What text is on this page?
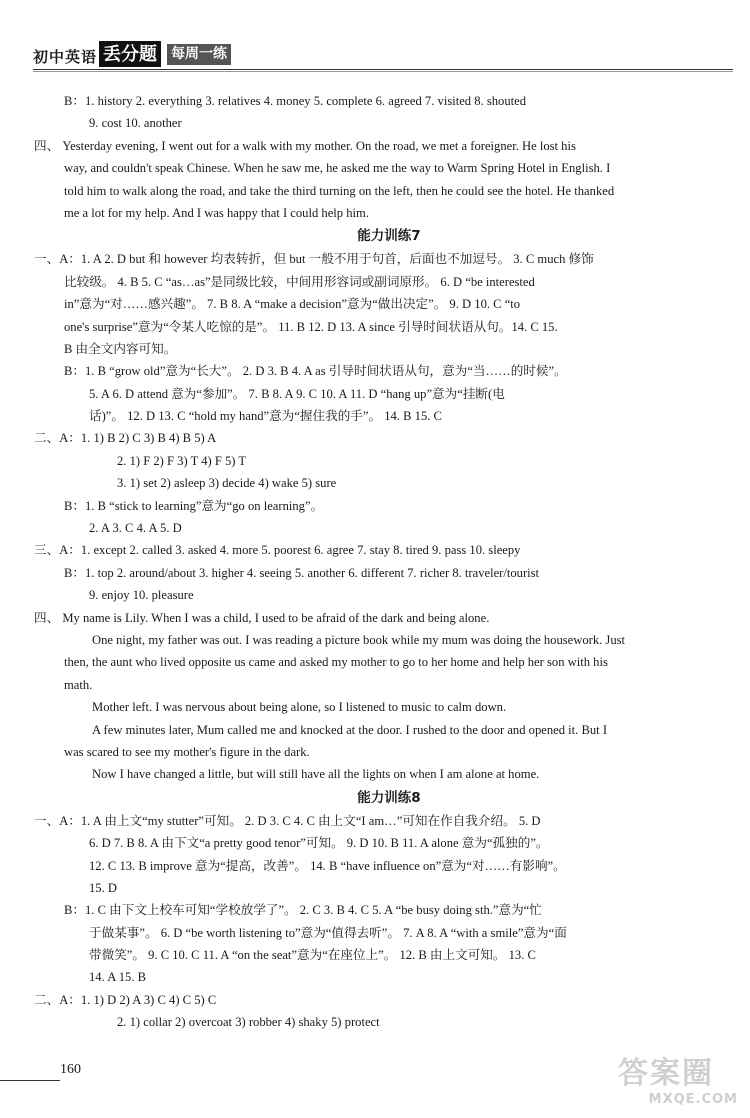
初中英语 丢分题 每周一练
B：1. history 2. everything 3. relatives 4. money 5. complete 6. agreed 7. visited 8. shouted
9. cost 10. another
四、 Yesterday evening, I went out for a walk with my mother. On the road, we met a foreigner. He lost his
way, and couldn't speak Chinese. When he saw me, he asked me the way to Warm Spring Hotel in English. I
told him to walk along the road, and take the third turning on the left, then he could see the hotel. He thanked
me a lot for my help. And I was happy that I could help him.
能力训练7
一、A：1. A 2. D but 和 however 均表转折，但 but 一般不用于句首，后面也不加逗号。 3. C much 修饰
比较级。 4. B 5. C “as…as”是同级比较，中间用形容词或副词原形。 6. D “be interested
in”意为“对……感兴趣”。 7. B 8. A “make a decision”意为“做出决定”。 9. D 10. C “to
one's surprise”意为“令某人吃惊的是”。 11. B 12. D 13. A since 引导时间状语从句。14. C 15.
B 由全文内容可知。
B：1. B “grow old”意为“长大”。 2. D 3. B 4. A as 引导时间状语从句，意为“当……的时候”。
5. A 6. D attend 意为“参加”。 7. B 8. A 9. C 10. A 11. D “hang up”意为“挂断(电
话)”。 12. D 13. C “hold my hand”意为“握住我的手”。 14. B 15. C
二、A：1. 1) B 2) C 3) B 4) B 5) A
2. 1) F 2) F 3) T 4) F 5) T
3. 1) set 2) asleep 3) decide 4) wake 5) sure
B：1. B “stick to learning”意为“go on learning”。
2. A 3. C 4. A 5. D
三、A：1. except 2. called 3. asked 4. more 5. poorest 6. agree 7. stay 8. tired 9. pass 10. sleepy
B：1. top 2. around/about 3. higher 4. seeing 5. another 6. different 7. richer 8. traveler/tourist
9. enjoy 10. pleasure
四、 My name is Lily. When I was a child, I used to be afraid of the dark and being alone.
One night, my father was out. I was reading a picture book while my mum was doing the housework. Just
then, the aunt who lived opposite us came and asked my mother to go to her home and help her son with his
math.
Mother left. I was nervous about being alone, so I listened to music to calm down.
A few minutes later, Mum called me and knocked at the door. I rushed to the door and opened it. But I
was scared to see my mother's figure in the dark.
Now I have changed a little, but will still have all the lights on when I am alone at home.
能力训练8
一、A：1. A 由上文“my stutter”可知。 2. D 3. C 4. C 由上文“I am…”可知在作自我介绍。 5. D
6. D 7. B 8. A 由下文“a pretty good tenor”可知。 9. D 10. B 11. A alone 意为“孤独的”。
12. C 13. B improve 意为“提高，改善”。 14. B “have influence on”意为“对……有影响”。
15. D
B：1. C 由下文上校车可知“学校放学了”。 2. C 3. B 4. C 5. A “be busy doing sth.”意为“忙
于做某事”。 6. D “be worth listening to”意为“值得去听”。 7. A 8. A “with a smile”意为“面
带微笑”。 9. C 10. C 11. A “on the seat”意为“在座位上”。 12. B 由上文可知。 13. C
14. A 15. B
二、A：1. 1) D 2) A 3) C 4) C 5) C
2. 1) collar 2) overcoat 3) robber 4) shaky 5) protect
160	答案圈
MXQE.COM
